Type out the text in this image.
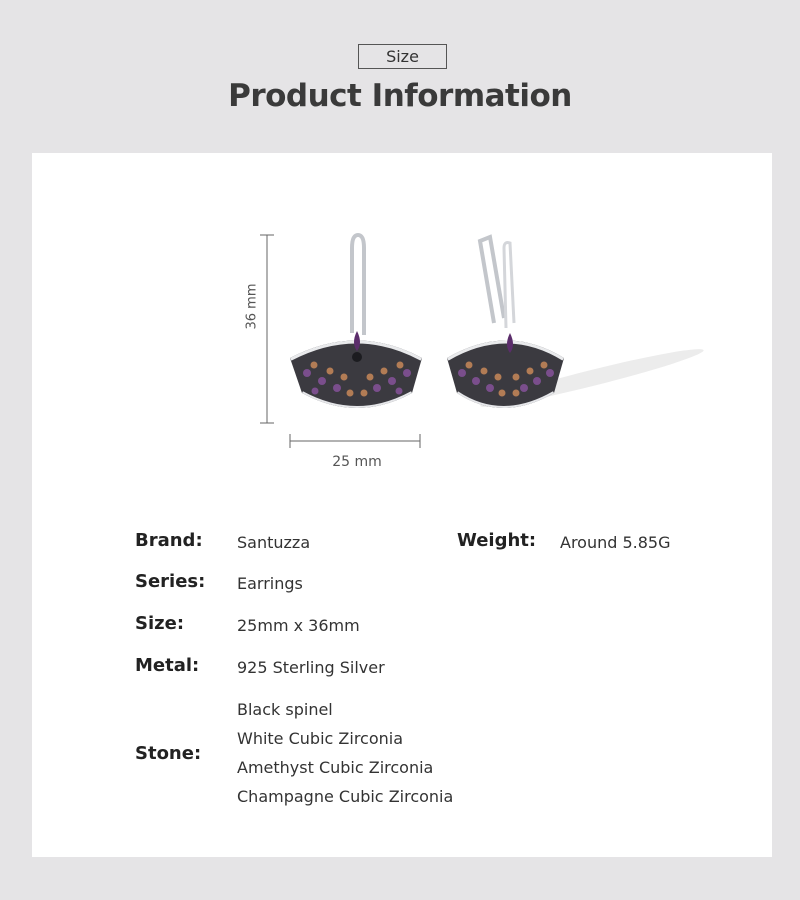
Size
Product Information
36 mm
25 mm
Brand: Santuzza	Weight: Around 5.85G
Series: Earrings
Size:	25mm x 36mm
Metal: 925 Sterling Silver
Stone:
Black spinel
White Cubic Zirconia
Amethyst Cubic Zirconia
Champagne Cubic Zirconia
